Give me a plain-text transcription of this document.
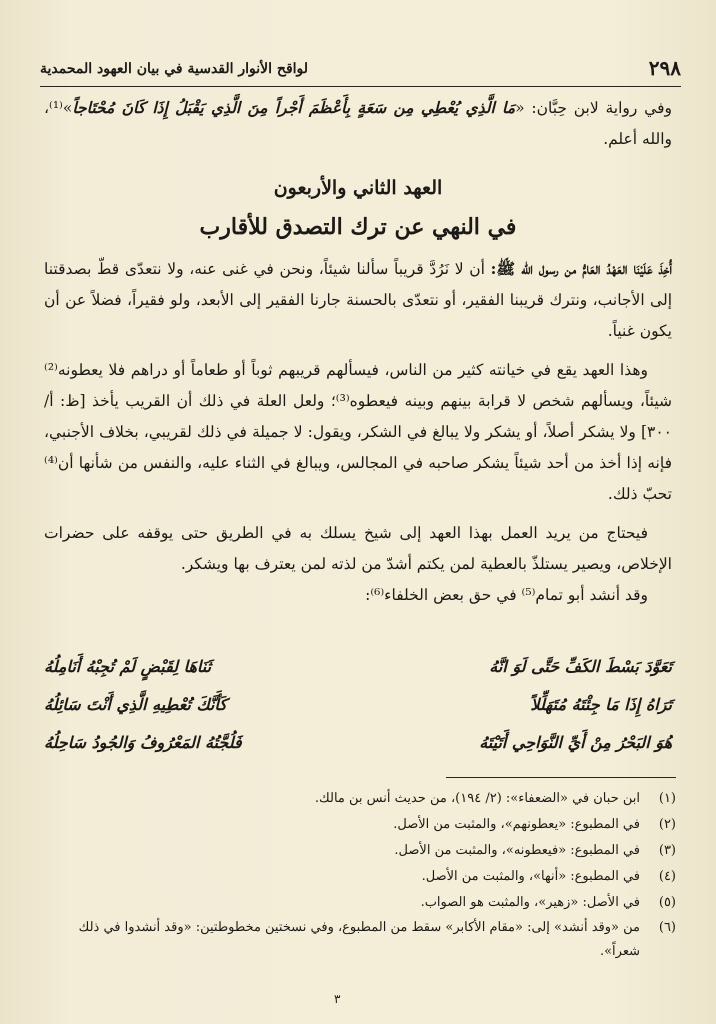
٢٩٨
لواقح الأنوار القدسية في بيان العهود المحمدية

وفي رواية لابن حِبَّان: «مَا الَّذِي يُعْطِي مِن سَعَةٍ بِأَعْظَمَ أَجْراً مِنَ الَّذِي يَقْبَلُ إِذَا كَانَ مُحْتَاجاً»⁽¹⁾، والله أعلم.

العهد الثاني والأربعون
في النهي عن ترك التصدق للأقارب

أُخِذَ عَلَيْنَا العَهْدُ العَامُّ من رسول الله ﷺ: أن لا نَرُدَّ قريباً سألنا شيئاً، ونحن في غنى عنه، ولا نتعدّى قطّ بصدقتنا إلى الأجانب، ونترك قريبنا الفقير، أو نتعدّى بالحسنة جارنا الفقير إلى الأبعد، ولو فقيراً، فضلاً عن أن يكون غنياً.

وهذا العهد يقع في خيانته كثير من الناس، فيسألهم قريبهم ثوباً أو طعاماً أو دراهم فلا يعطونه⁽²⁾ شيئاً، ويسألهم شخص لا قرابة بينهم وبينه فيعطوه⁽³⁾؛ ولعل العلة في ذلك أن القريب يأخذ [ظ: أ/ ٣٠٠] ولا يشكر أصلاً، أو يشكر ولا يبالغ في الشكر، ويقول: لا جميلة في ذلك لقريبي، بخلاف الأجنبي، فإنه إذا أخذ من أحد شيئاً يشكر صاحبه في المجالس، ويبالغ في الثناء عليه، والنفس من شأنها أن⁽⁴⁾ تحبّ ذلك.

فيحتاج من يريد العمل بهذا العهد إلى شيخ يسلك به في الطريق حتى يوقفه على حضرات الإخلاص، ويصير يستلذّ بالعطية لمن يكتم أشدّ من لذته لمن يعترف بها ويشكر.

وقد أنشد أبو تمام⁽⁵⁾ في حق بعض الخلفاء⁽⁶⁾:

تَعَوَّدَ بَسْطَ الكَفِّ حَتَّى لَوَ انَّهُ
ثَنَاهَا لِقَبْضٍ لَمْ تُجِبْهُ أَنَامِلُهُ
تَرَاهُ إِذَا مَا جِئْتَهُ مُتَهَلِّلاً
كَأَنَّكَ تُعْطِيهِ الَّذِي أَنْتَ سَائِلُهُ
هُوَ البَحْرُ مِنْ أَيِّ النَّوَاحِي أَتَيْتَهُ
فَلُجَّتُهُ المَعْرُوفُ وَالجُودُ سَاحِلُهُ
(١)
ابن حبان في «الضعفاء»: (٢/ ١٩٤)، من حديث أنس بن مالك.
(٢)
في المطبوع: «يعطونهم»، والمثبت من الأصل.
(٣)
في المطبوع: «فيعطونه»، والمثبت من الأصل.
(٤)
في المطبوع: «أنها»، والمثبت من الأصل.
(٥)
في الأصل: «زهير»، والمثبت هو الصواب.
(٦)
من «وقد أنشد» إلى: «مقام الأكابر» سقط من المطبوع، وفي نسختين مخطوطتين: «وقد أنشدوا في ذلك شعراً».
٣
